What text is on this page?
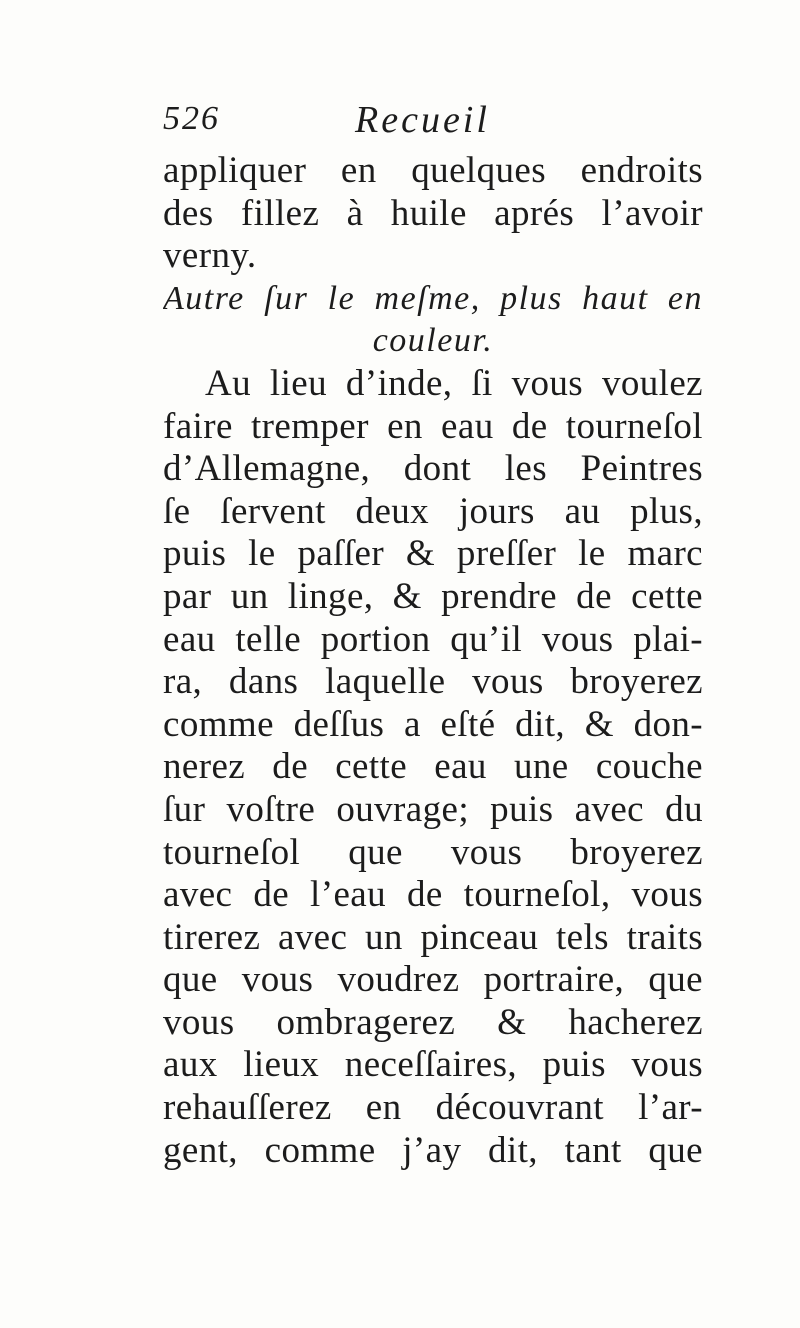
526	Recueil
appliquer en quelques endroits
des fillez à huile aprés l’avoir
verny.
Autre ſur le meſme, plus haut en
couleur.
Au lieu d’inde, ſi vous voulez
faire tremper en eau de tourneſol
d’Allemagne, dont les Peintres
ſe ſervent deux jours au plus,
puis le paſſer & preſſer le marc
par un linge, & prendre de cette
eau telle portion qu’il vous plai-
ra, dans laquelle vous broyerez
comme deſſus a eſté dit, & don-
nerez de cette eau une couche
ſur voſtre ouvrage; puis avec du
tourneſol que vous broyerez
avec de l’eau de tourneſol, vous
tirerez avec un pinceau tels traits
que vous voudrez portraire, que
vous ombragerez & hacherez
aux lieux neceſſaires, puis vous
rehauſſerez en découvrant l’ar-
gent, comme j’ay dit, tant que
